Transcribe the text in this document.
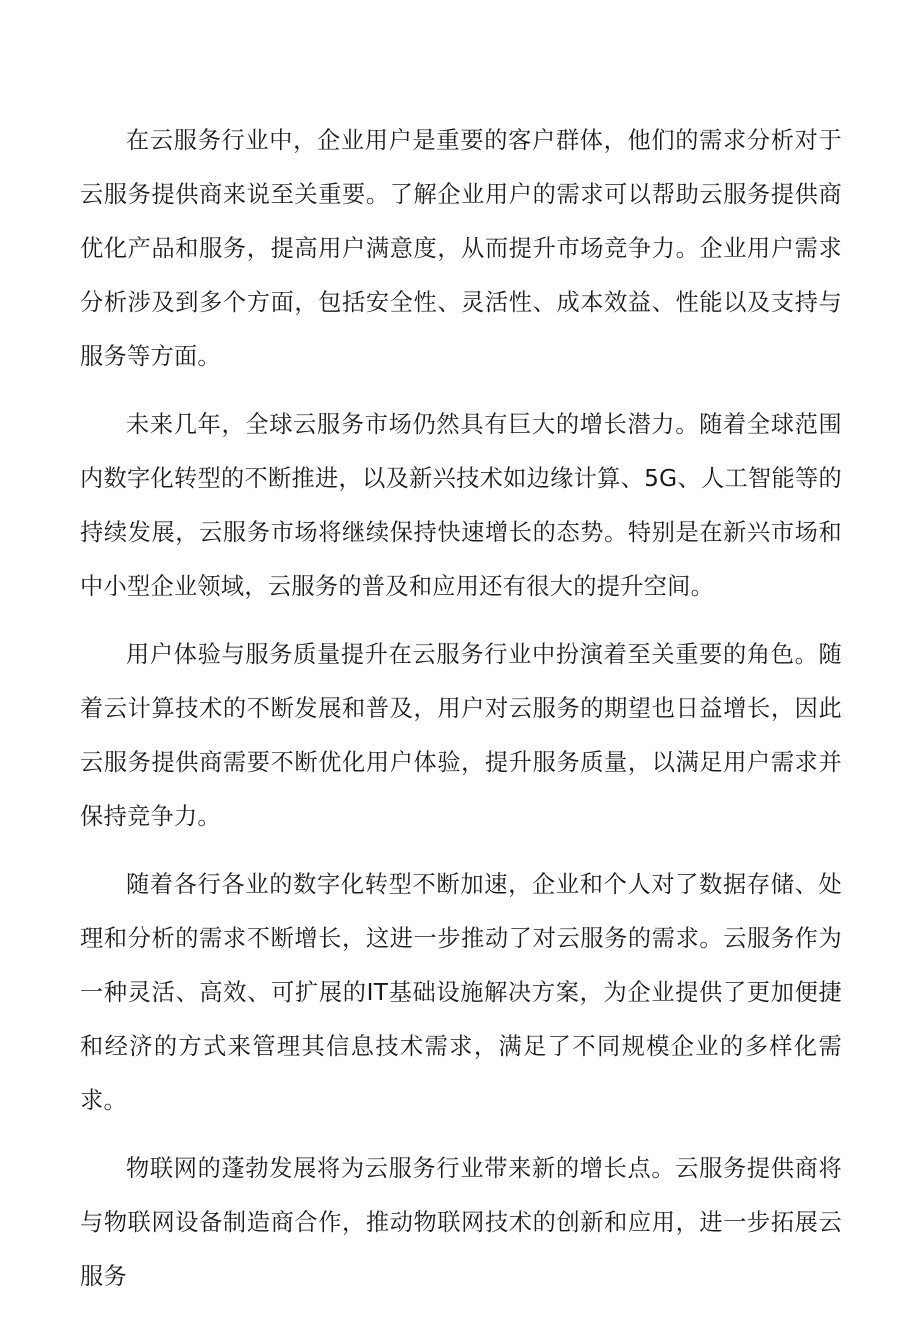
在云服务行业中，企业用户是重要的客户群体，他们的需求分析对于云服务提供商来说至关重要。了解企业用户的需求可以帮助云服务提供商优化产品和服务，提高用户满意度，从而提升市场竞争力。企业用户需求分析涉及到多个方面，包括安全性、灵活性、成本效益、性能以及支持与服务等方面。

未来几年，全球云服务市场仍然具有巨大的增长潜力。随着全球范围内数字化转型的不断推进，以及新兴技术如边缘计算、5G、人工智能等的持续发展，云服务市场将继续保持快速增长的态势。特别是在新兴市场和中小型企业领域，云服务的普及和应用还有很大的提升空间。

用户体验与服务质量提升在云服务行业中扮演着至关重要的角色。随着云计算技术的不断发展和普及，用户对云服务的期望也日益增长，因此云服务提供商需要不断优化用户体验，提升服务质量，以满足用户需求并保持竞争力。

随着各行各业的数字化转型不断加速，企业和个人对了数据存储、处理和分析的需求不断增长，这进一步推动了对云服务的需求。云服务作为一种灵活、高效、可扩展的IT基础设施解决方案，为企业提供了更加便捷和经济的方式来管理其信息技术需求，满足了不同规模企业的多样化需求。

物联网的蓬勃发展将为云服务行业带来新的增长点。云服务提供商将与物联网设备制造商合作，推动物联网技术的创新和应用，进一步拓展云服务
